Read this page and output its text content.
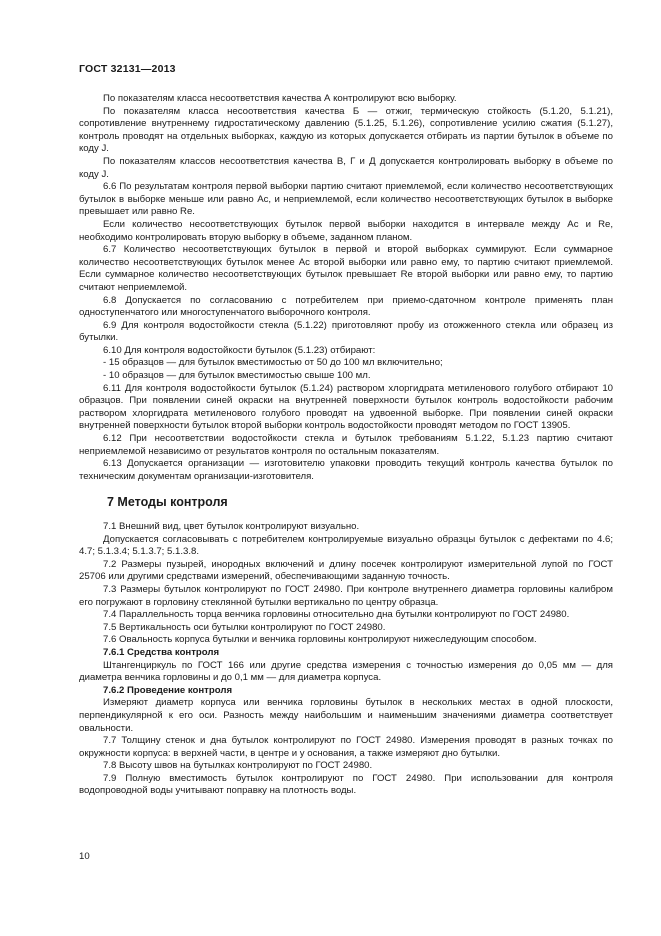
ГОСТ 32131—2013

По показателям класса несоответствия качества А контролируют всю выборку.

По показателям класса несоответствия качества Б — отжиг, термическую стойкость (5.1.20, 5.1.21), сопротивление внутреннему гидростатическому давлению (5.1.25, 5.1.26), сопротивление усилию сжатия (5.1.27), контроль проводят на отдельных выборках, каждую из которых допускается отбирать из партии бутылок в объеме по коду J.

По показателям классов несоответствия качества В, Г и Д допускается контролировать выборку в объеме по коду J.

6.6 По результатам контроля первой выборки партию считают приемлемой, если количество несоответствующих бутылок в выборке меньше или равно Ас, и неприемлемой, если количество несоответствующих бутылок в выборке превышает или равно Re.

Если количество несоответствующих бутылок первой выборки находится в интервале между Ас и Re, необходимо контролировать вторую выборку в объеме, заданном планом.

6.7 Количество несоответствующих бутылок в первой и второй выборках суммируют. Если суммарное количество несоответствующих бутылок менее Ас второй выборки или равно ему, то партию считают приемлемой. Если суммарное количество несоответствующих бутылок превышает Re второй выборки или равно ему, то партию считают неприемлемой.

6.8 Допускается по согласованию с потребителем при приемо-сдаточном контроле применять план одноступенчатого или многоступенчатого выборочного контроля.

6.9 Для контроля водостойкости стекла (5.1.22) приготовляют пробу из отожженного стекла или образец из бутылки.

6.10 Для контроля водостойкости бутылок (5.1.23) отбирают:

- 15 образцов — для бутылок вместимостью от 50 до 100 мл включительно;

- 10 образцов — для бутылок вместимостью свыше 100 мл.

6.11 Для контроля водостойкости бутылок (5.1.24) раствором хлоргидрата метиленового голубого отбирают 10 образцов. При появлении синей окраски на внутренней поверхности бутылок контроль водостойкости рабочим раствором хлоргидрата метиленового голубого проводят на удвоенной выборке. При появлении синей окраски внутренней поверхности бутылок второй выборки контроль водостойкости проводят методом по ГОСТ 13905.

6.12 При несоответствии водостойкости стекла и бутылок требованиям 5.1.22, 5.1.23 партию считают неприемлемой независимо от результатов контроля по остальным показателям.

6.13 Допускается организации — изготовителю упаковки проводить текущий контроль качества бутылок по техническим документам организации-изготовителя.

7 Методы контроля

7.1 Внешний вид, цвет бутылок контролируют визуально.

Допускается согласовывать с потребителем контролируемые визуально образцы бутылок с дефектами по 4.6; 4.7; 5.1.3.4; 5.1.3.7; 5.1.3.8.

7.2 Размеры пузырей, инородных включений и длину посечек контролируют измерительной лупой по ГОСТ 25706 или другими средствами измерений, обеспечивающими заданную точность.

7.3 Размеры бутылок контролируют по ГОСТ 24980. При контроле внутреннего диаметра горловины калибром его погружают в горловину стеклянной бутылки вертикально по центру образца.

7.4 Параллельность торца венчика горловины относительно дна бутылки контролируют по ГОСТ 24980.

7.5 Вертикальность оси бутылки контролируют по ГОСТ 24980.

7.6 Овальность корпуса бутылки и венчика горловины контролируют нижеследующим способом.

7.6.1 Средства контроля

Штангенциркуль по ГОСТ 166 или другие средства измерения с точностью измерения до 0,05 мм — для диаметра венчика горловины и до 0,1 мм — для диаметра корпуса.

7.6.2 Проведение контроля

Измеряют диаметр корпуса или венчика горловины бутылок в нескольких местах в одной плоскости, перпендикулярной к его оси. Разность между наибольшим и наименьшим значениями диаметра соответствует овальности.

7.7 Толщину стенок и дна бутылок контролируют по ГОСТ 24980. Измерения проводят в разных точках по окружности корпуса: в верхней части, в центре и у основания, а также измеряют дно бутылки.

7.8 Высоту швов на бутылках контролируют по ГОСТ 24980.

7.9 Полную вместимость бутылок контролируют по ГОСТ 24980. При использовании для контроля водопроводной воды учитывают поправку на плотность воды.

10
